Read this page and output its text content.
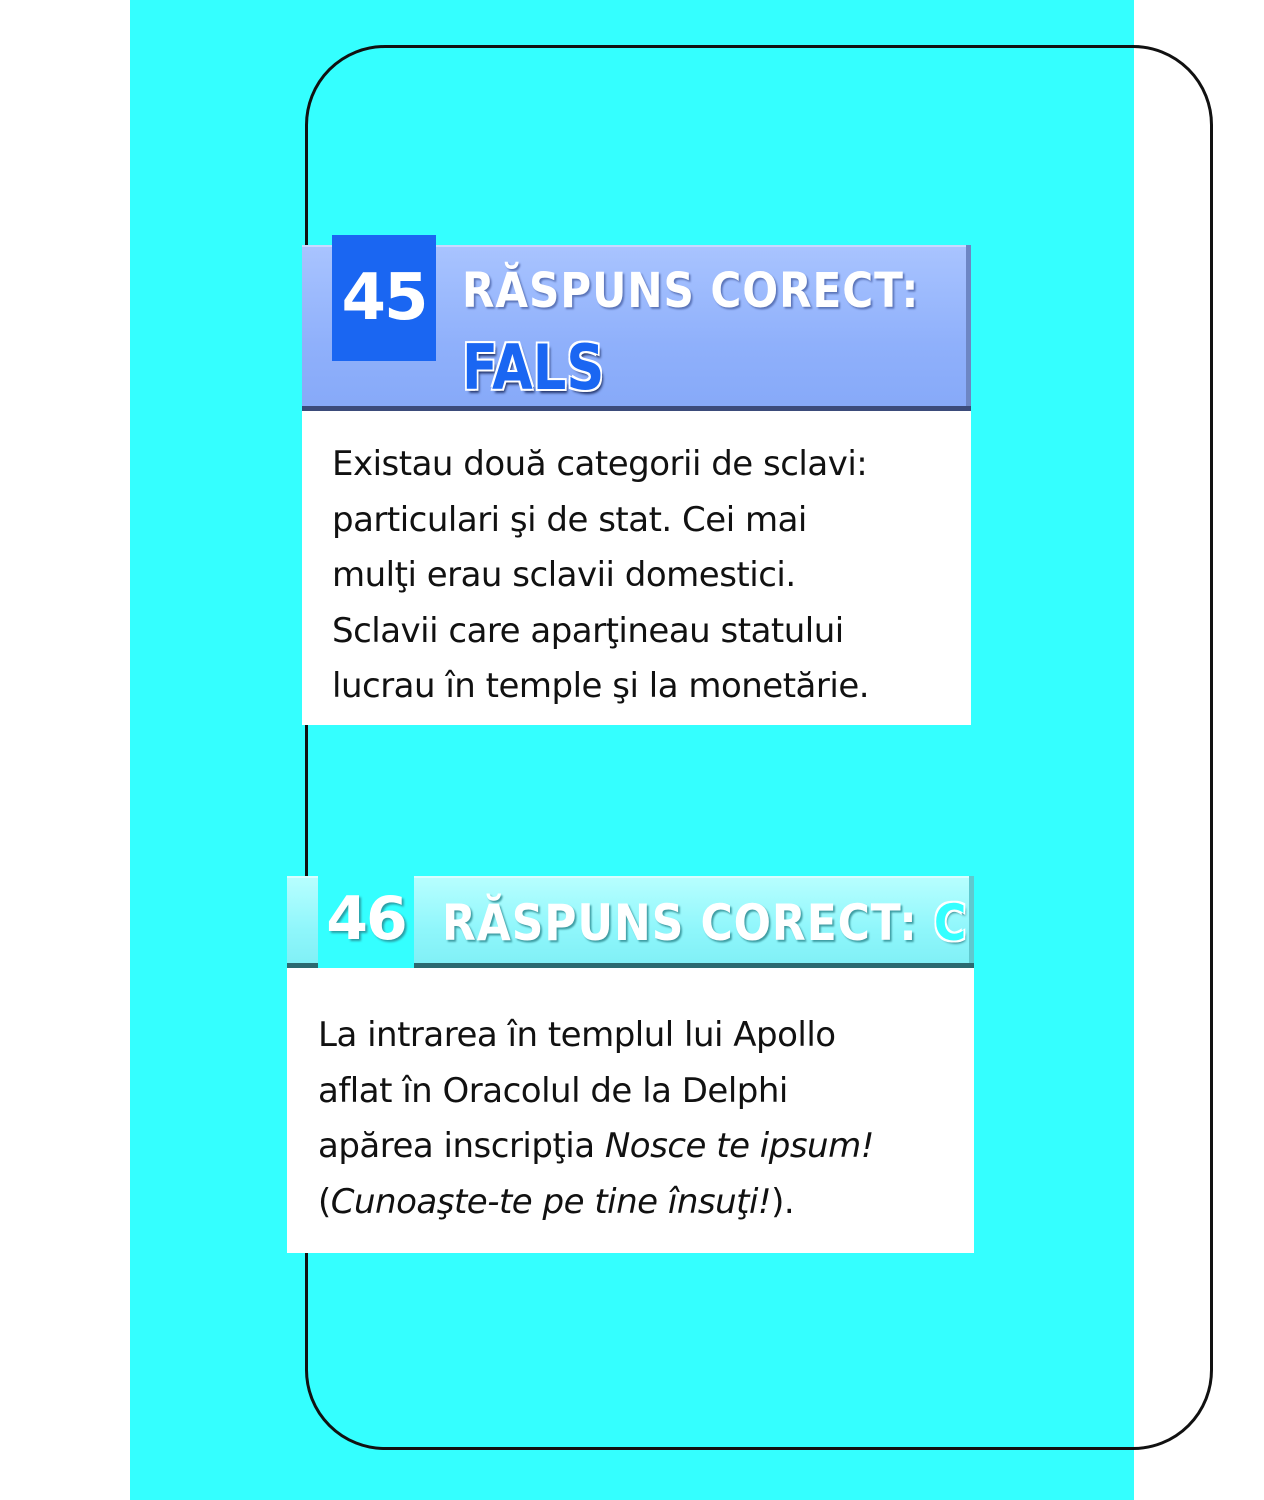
45 RĂSPUNS CORECT:
FALS

Existau două categorii de sclavi:
particulari şi de stat. Cei mai
mulţi erau sclavii domestici.
Sclavii care aparţineau statului
lucrau în temple şi la monetărie.

46 RĂSPUNS CORECT: C

La intrarea în templul lui Apollo
aflat în Oracolul de la Delphi
apărea inscripţia Nosce te ipsum!
(Cunoaşte-te pe tine însuţi!).
